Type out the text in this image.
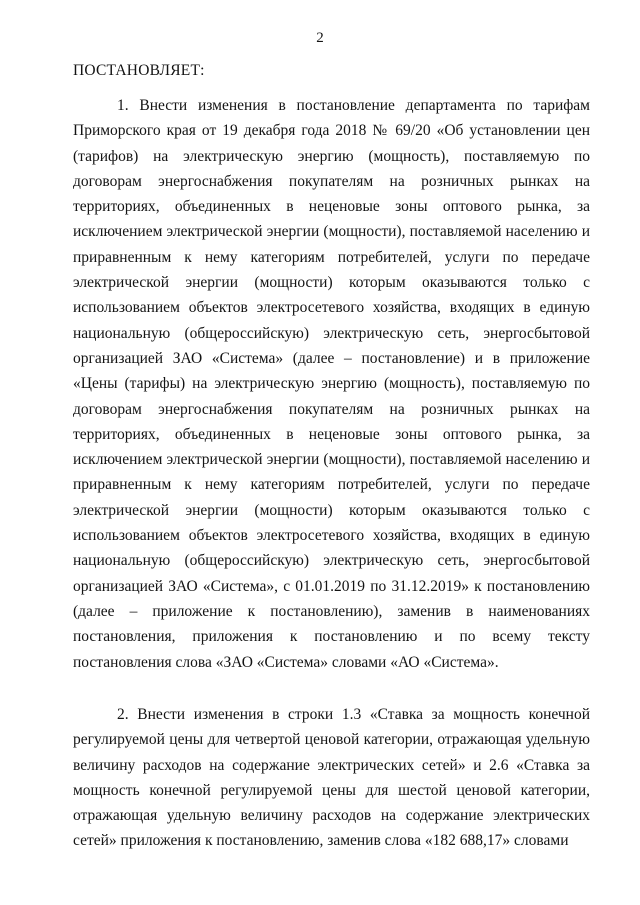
2
ПОСТАНОВЛЯЕТ:

1. Внести изменения в постановление департамента по тарифам Приморского края от 19 декабря года 2018 № 69/20 «Об установлении цен (тарифов) на электрическую энергию (мощность), поставляемую по договорам энергоснабжения покупателям на розничных рынках на территориях, объединенных в неценовые зоны оптового рынка, за исключением электрической энергии (мощности), поставляемой населению и приравненным к нему категориям потребителей, услуги по передаче электрической энергии (мощности) которым оказываются только с использованием объектов электросетевого хозяйства, входящих в единую национальную (общероссийскую) электрическую сеть, энергосбытовой организацией ЗАО «Система» (далее – постановление) и в приложение «Цены (тарифы) на электрическую энергию (мощность), поставляемую по договорам энергоснабжения покупателям на розничных рынках на территориях, объединенных в неценовые зоны оптового рынка, за исключением электрической энергии (мощности), поставляемой населению и приравненным к нему категориям потребителей, услуги по передаче электрической энергии (мощности) которым оказываются только с использованием объектов электросетевого хозяйства, входящих в единую национальную (общероссийскую) электрическую сеть, энергосбытовой организацией ЗАО «Система», с 01.01.2019 по 31.12.2019» к постановлению (далее – приложение к постановлению), заменив в наименованиях постановления, приложения к постановлению и по всему тексту постановления слова «ЗАО «Система» словами «АО «Система».

2. Внести изменения в строки 1.3 «Ставка за мощность конечной регулируемой цены для четвертой ценовой категории, отражающая удельную величину расходов на содержание электрических сетей» и 2.6 «Ставка за мощность конечной регулируемой цены для шестой ценовой категории, отражающая удельную величину расходов на содержание электрических сетей» приложения к постановлению, заменив слова «182 688,17» словами
